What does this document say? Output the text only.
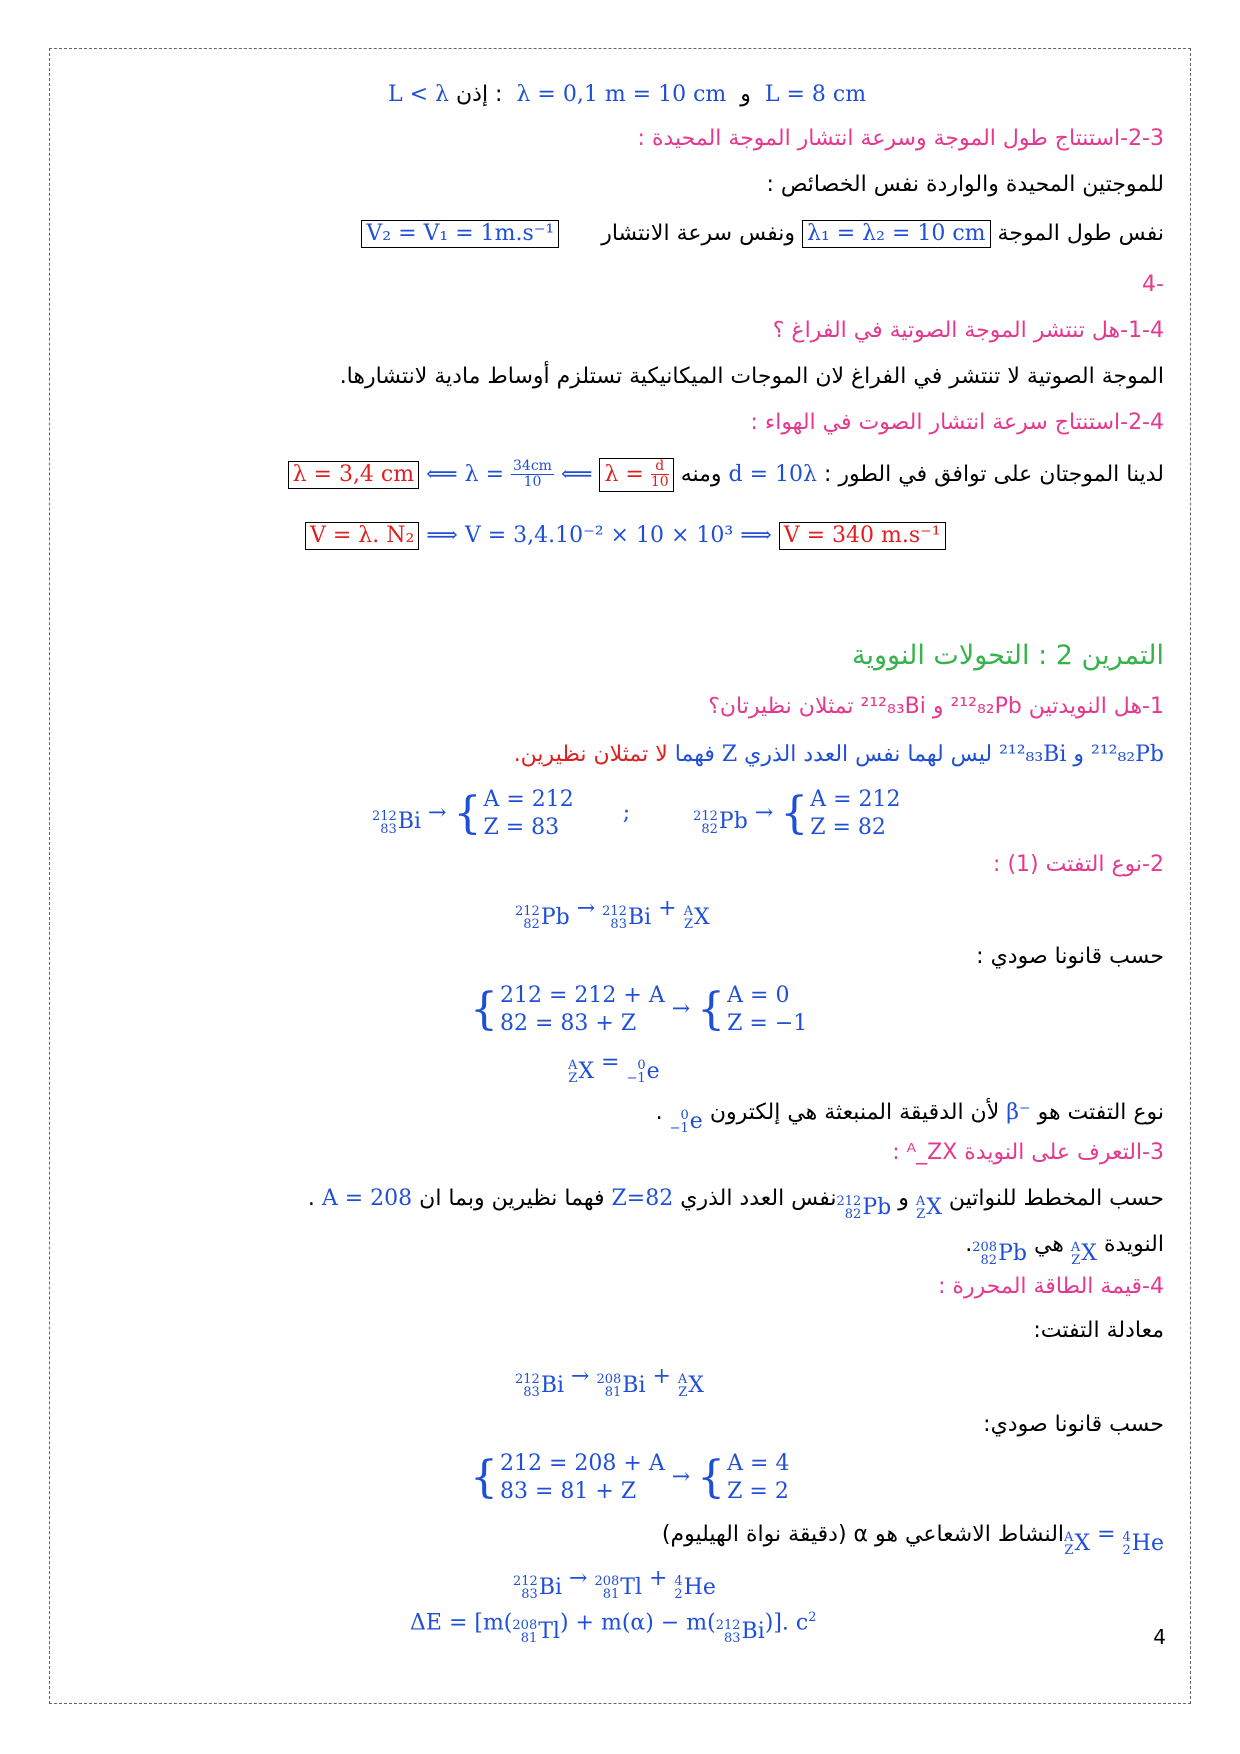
L < λ إذن : λ = 0,1 m = 10 cm و L = 8 cm
2-3-استنتاج طول الموجة وسرعة انتشار الموجة المحيدة :
للموجتين المحيدة والواردة نفس الخصائص :
نفس طول الموجة λ₁ = λ₂ = 10 cm ونفس سرعة الانتشار      V₂ = V₁ = 1m.s⁻¹
-4
1-4-هل تنتشر الموجة الصوتية في الفراغ ؟
الموجة الصوتية لا تنتشر في الفراغ لان الموجات الميكانيكية تستلزم أوساط مادية لانتشارها.
2-4-استنتاج سرعة انتشار الصوت في الهواء :
لدينا الموجتان على توافق في الطور : d = 10λ ومنه λ = 3,4 cm ⟸ $\lambda = \frac{34cm}{10}$ ⟸ $\lambda = \frac{d}{10}$
V = λ. N₂ ⟹ V = 3,4.10⁻² × 10 × 10³ ⟹ V = 340 m.s⁻¹
التمرين 2 : التحولات النووية
1-هل النويدتين ²¹²₈₂Pb و ²¹²₈₃Bi تمثلان نظيرتان؟
²¹²₈₂Pb و ²¹²₈₃Bi ليس لهما نفس العدد الذري Z فهما لا تمثلان نظيرين.
212
83 Bi → { A = 212
Z = 83
; 212
82 Pb → { A = 212
Z = 82
2-نوع التفتت (1) :
212
82 Pb → 212
83 Bi + A
Z X
حسب قانونا صودي :
{ 212 = 212 + A
82 = 83 + Z
→ { A = 0
Z = −1
A
Z X = 0
−1 e
نوع التفتت هو β⁻ لأن الدقيقة المنبعثة هي إلكترون
0
−1 e .
3-التعرف على النويدة ᴬ_ZX :
حسب المخطط للنواتين
A
Z X و
212
82 Pbنفس العدد الذري Z=82 فهما نظيرين وبما ان A = 208 .
النويدة
A
Z X هي
208
82 Pb.
4-قيمة الطاقة المحررة :
معادلة التفتت:
212
83 Bi → 208
81 Bi + A
Z X
حسب قانونا صودي:
{ 212 = 208 + A
83 = 81 + Z
→ { A = 4
Z = 2
A
Z X = 4
2 Heالنشاط الاشعاعي هو α (دقيقة نواة الهيليوم)
212
83 Bi → 208
81 Tl + 4
2 He
ΔE = [m( 208
81 Tl) + m(α) − m( 212
83 Bi)]. $c^2$
4
